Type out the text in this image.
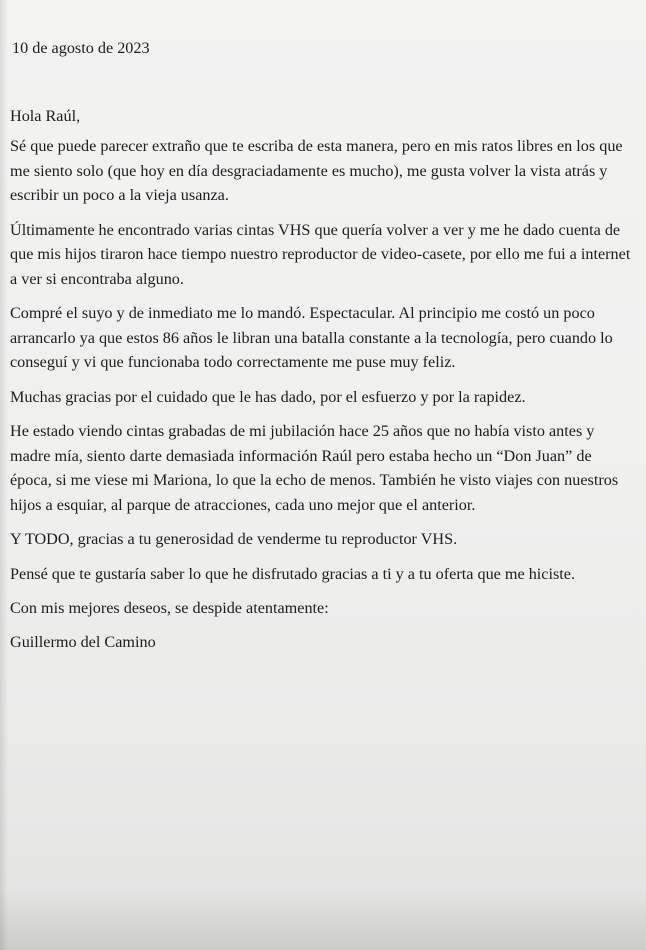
10 de agosto de 2023
Hola Raúl,
Sé que puede parecer extraño que te escriba de esta manera, pero en mis ratos libres en los que me siento solo (que hoy en día desgraciadamente es mucho), me gusta volver la vista atrás y escribir un poco a la vieja usanza.
Últimamente he encontrado varias cintas VHS que quería volver a ver y me he dado cuenta de que mis hijos tiraron hace tiempo nuestro reproductor de video-casete, por ello me fui a internet a ver si encontraba alguno.
Compré el suyo y de inmediato me lo mandó. Espectacular. Al principio me costó un poco arrancarlo ya que estos 86 años le libran una batalla constante a la tecnología, pero cuando lo conseguí y vi que funcionaba todo correctamente me puse muy feliz.
Muchas gracias por el cuidado que le has dado, por el esfuerzo y por la rapidez.
He estado viendo cintas grabadas de mi jubilación hace 25 años que no había visto antes y madre mía, siento darte demasiada información Raúl pero estaba hecho un “Don Juan” de época, si me viese mi Mariona, lo que la echo de menos. También he visto viajes con nuestros hijos a esquiar, al parque de atracciones, cada uno mejor que el anterior.
Y TODO, gracias a tu generosidad de venderme tu reproductor VHS.
Pensé que te gustaría saber lo que he disfrutado gracias a ti y a tu oferta que me hiciste.
Con mis mejores deseos, se despide atentamente:
Guillermo del Camino
